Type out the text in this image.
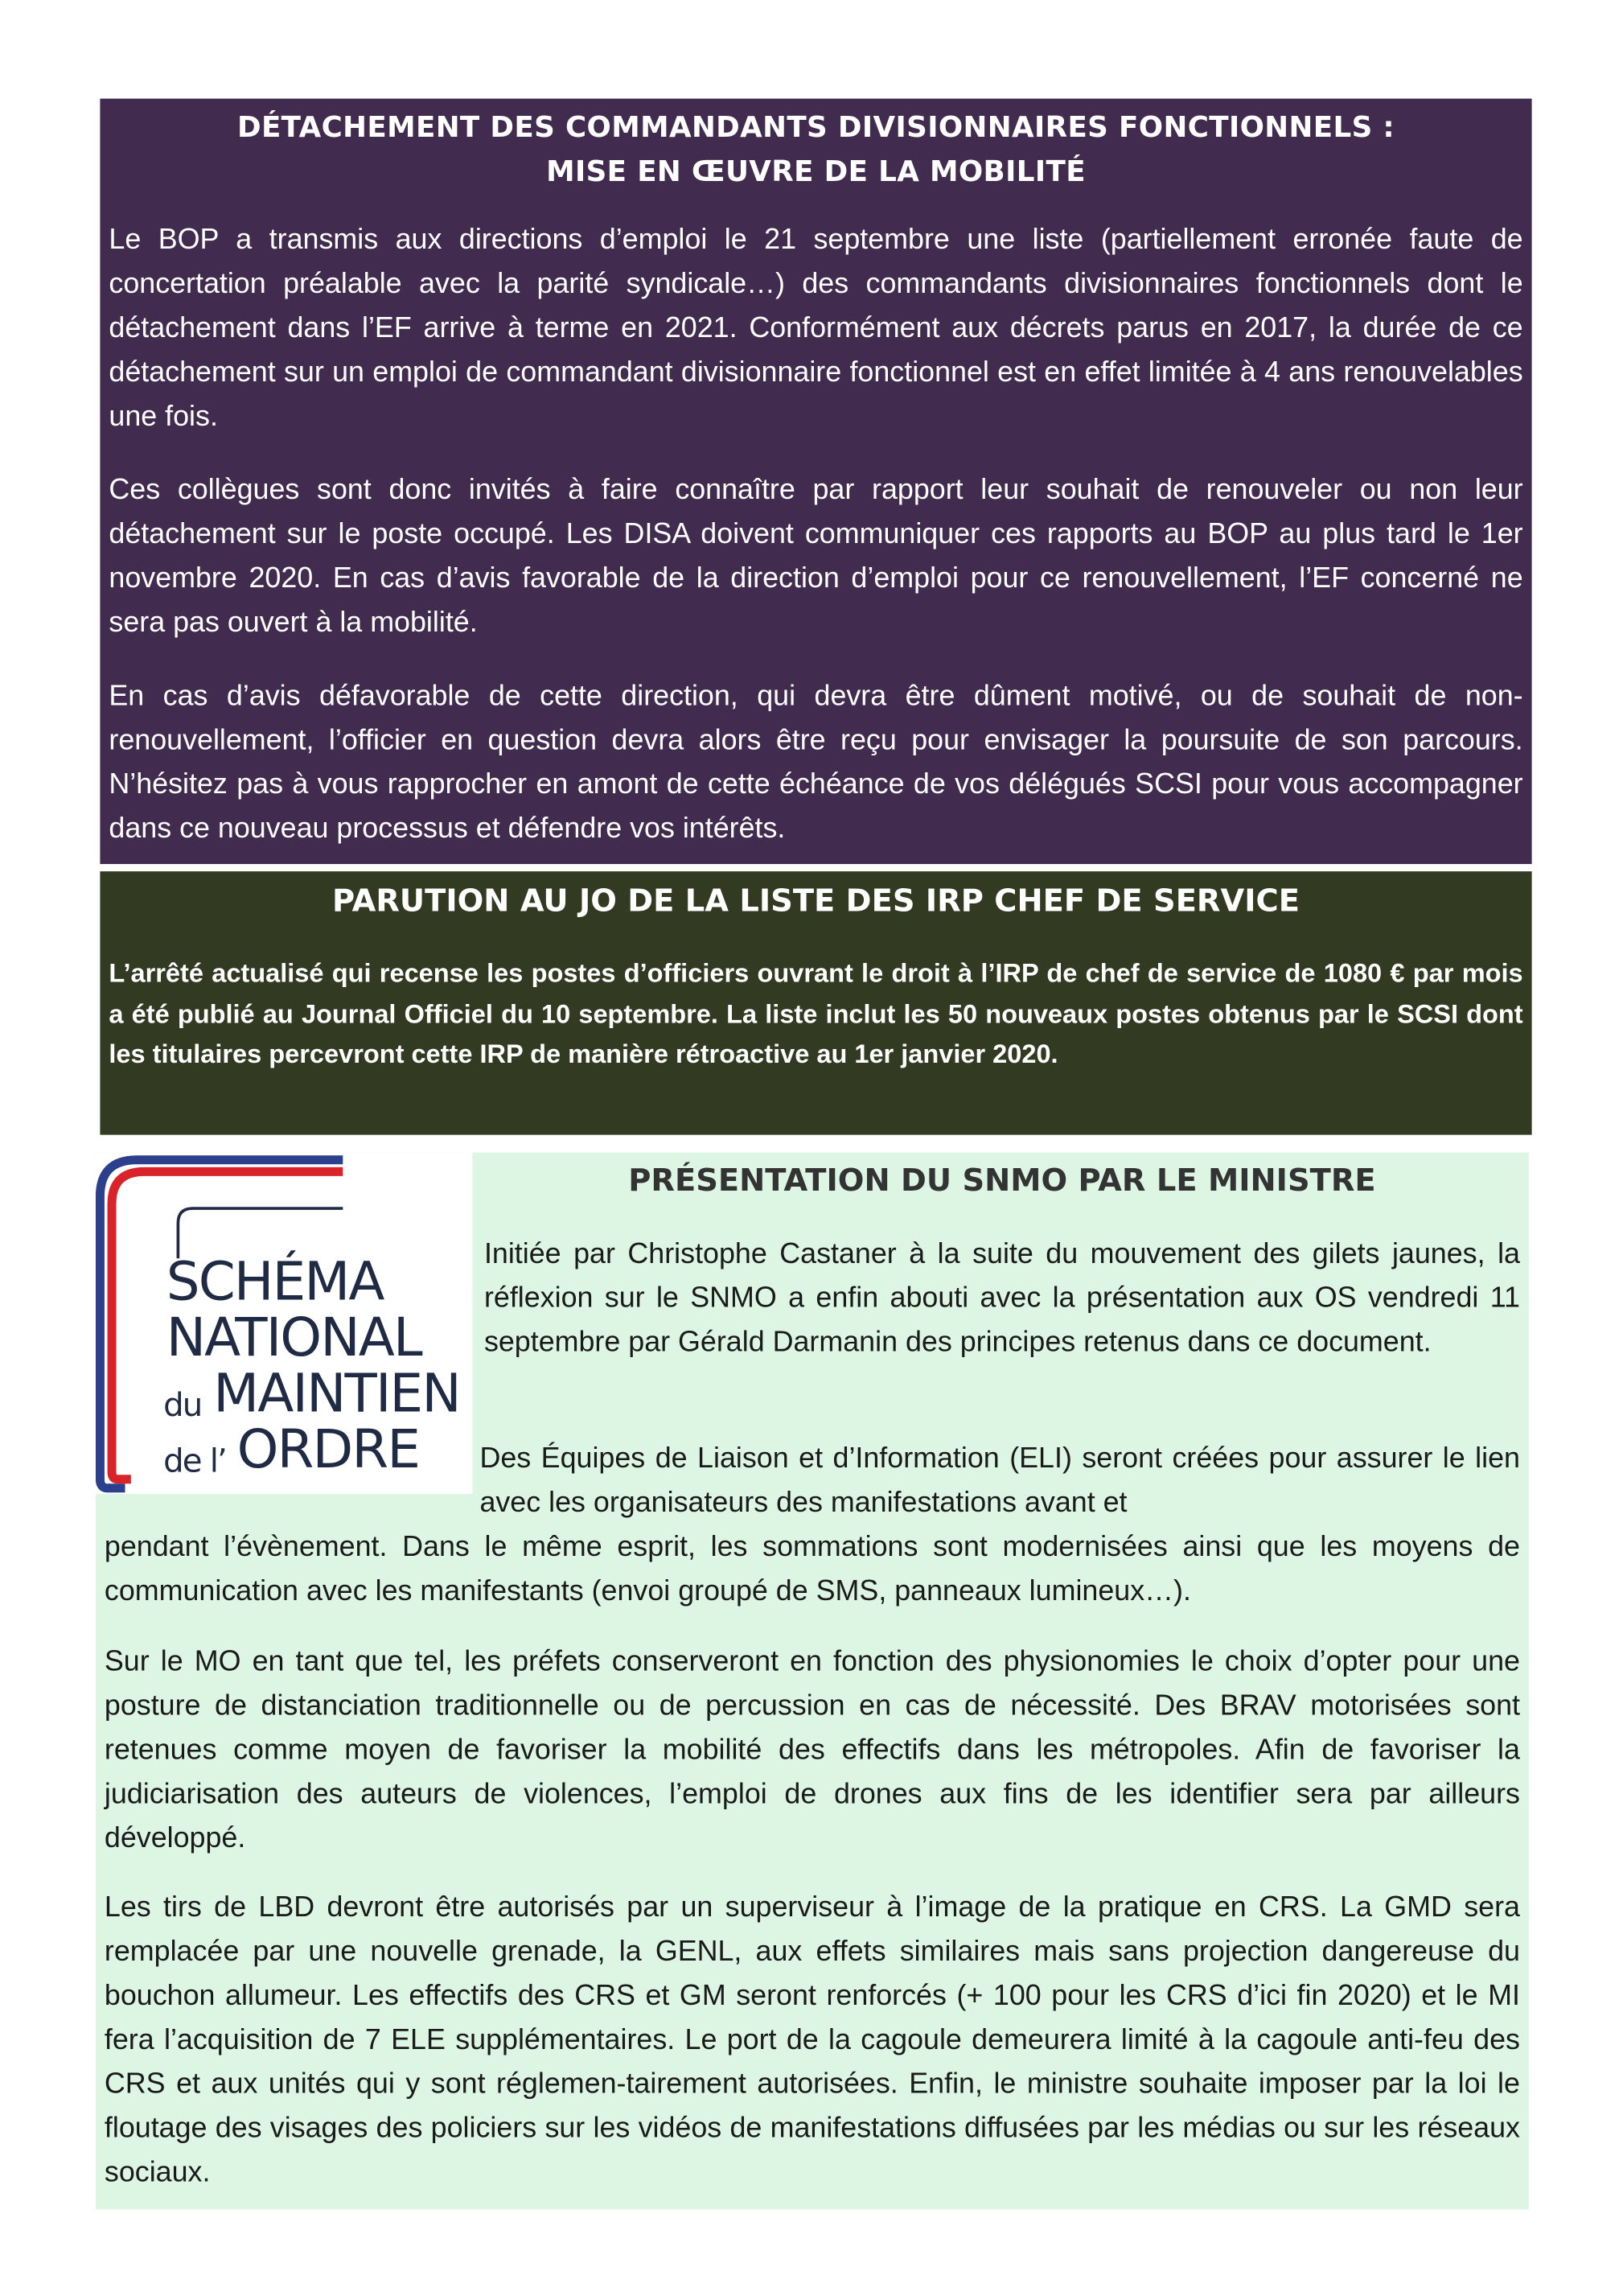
DÉTACHEMENT DES COMMANDANTS DIVISIONNAIRES FONCTIONNELS :
MISE EN ŒUVRE DE LA MOBILITÉ

Le BOP a transmis aux directions d’emploi le 21 septembre une liste (partiellement erronée faute de concertation préalable avec la parité syndicale…) des commandants divisionnaires fonctionnels dont le détachement dans l’EF arrive à terme en 2021. Conformément aux décrets parus en 2017, la durée de ce détachement sur un emploi de commandant divisionnaire fonctionnel est en effet limitée à 4 ans renouvelables une fois.

Ces collègues sont donc invités à faire connaître par rapport leur souhait de renouveler ou non leur détachement sur le poste occupé. Les DISA doivent communiquer ces rapports au BOP au plus tard le 1er novembre 2020. En cas d’avis favorable de la direction d’emploi pour ce renouvellement, l’EF concerné ne sera pas ouvert à la mobilité.

En cas d’avis défavorable de cette direction, qui devra être dûment motivé, ou de souhait de non-renouvellement, l’officier en question devra alors être reçu pour envisager la poursuite de son parcours. N’hésitez pas à vous rapprocher en amont de cette échéance de vos délégués SCSI pour vous accompagner dans ce nouveau processus et défendre vos intérêts.

PARUTION AU JO DE LA LISTE DES IRP CHEF DE SERVICE

L’arrêté actualisé qui recense les postes d’officiers ouvrant le droit à l’IRP de chef de service de 1080 € par mois a été publié au Journal Officiel du 10 septembre. La liste inclut les 50 nouveaux postes obtenus par le SCSI dont les titulaires percevront cette IRP de manière rétroactive au 1er janvier 2020.

PRÉSENTATION DU SNMO PAR LE MINISTRE

Initiée par Christophe Castaner à la suite du mouvement des gilets jaunes, la réflexion sur le SNMO a enfin abouti avec la présentation aux OS vendredi 11 septembre par Gérald Darmanin des principes retenus dans ce document.

Des Équipes de Liaison et d’Information (ELI) seront créées pour assurer le lien avec les organisateurs des manifestations avant et

pendant l’évènement. Dans le même esprit, les sommations sont modernisées ainsi que les moyens de communication avec les manifestants (envoi groupé de SMS, panneaux lumineux…).

Sur le MO en tant que tel, les préfets conserveront en fonction des physionomies le choix d’opter pour une posture de distanciation traditionnelle ou de percussion en cas de nécessité. Des BRAV motorisées sont retenues comme moyen de favoriser la mobilité des effectifs dans les métropoles. Afin de favoriser la judiciarisation des auteurs de violences, l’emploi de drones aux fins de les identifier sera par ailleurs développé.

Les tirs de LBD devront être autorisés par un superviseur à l’image de la pratique en CRS. La GMD sera remplacée par une nouvelle grenade, la GENL, aux effets similaires mais sans projection dangereuse du bouchon allumeur. Les effectifs des CRS et GM seront renforcés (+ 100 pour les CRS d’ici fin 2020) et le MI fera l’acquisition de 7 ELE supplémentaires. Le port de la cagoule demeurera limité à la cagoule anti-feu des CRS et aux unités qui y sont réglemen-tairement autorisées. Enfin, le ministre souhaite imposer par la loi le floutage des visages des policiers sur les vidéos de manifestations diffusées par les médias ou sur les réseaux sociaux.

SCHÉMA
NATIONAL
du MAINTIEN
de l’ ORDRE
